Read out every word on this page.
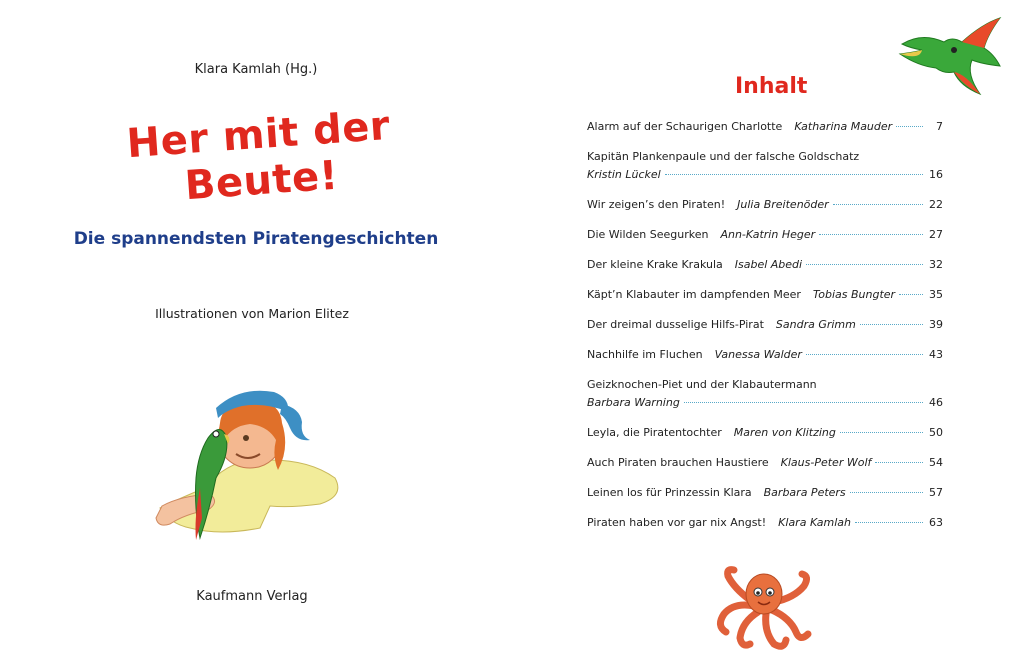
Klara Kamlah (Hg.)
Her mit der Beute!
Die spannendsten Piratengeschichten
Illustrationen von Marion Elitez
Kaufmann Verlag
Inhalt
Alarm auf der Schaurigen Charlotte Katharina Mauder	7
Kapitän Plankenpaule und der falsche Goldschatz
Kristin Lückel	16
Wir zeigen’s den Piraten! Julia Breitenöder	22
Die Wilden Seegurken Ann-Katrin Heger	27
Der kleine Krake Krakula Isabel Abedi	32
Käpt’n Klabauter im dampfenden Meer Tobias Bungter	35
Der dreimal dusselige Hilfs-Pirat Sandra Grimm	39
Nachhilfe im Fluchen Vanessa Walder	43
Geizknochen-Piet und der Klabautermann
Barbara Warning	46
Leyla, die Piratentochter Maren von Klitzing	50
Auch Piraten brauchen Haustiere Klaus-Peter Wolf	54
Leinen los für Prinzessin Klara Barbara Peters	57
Piraten haben vor gar nix Angst! Klara Kamlah	63
